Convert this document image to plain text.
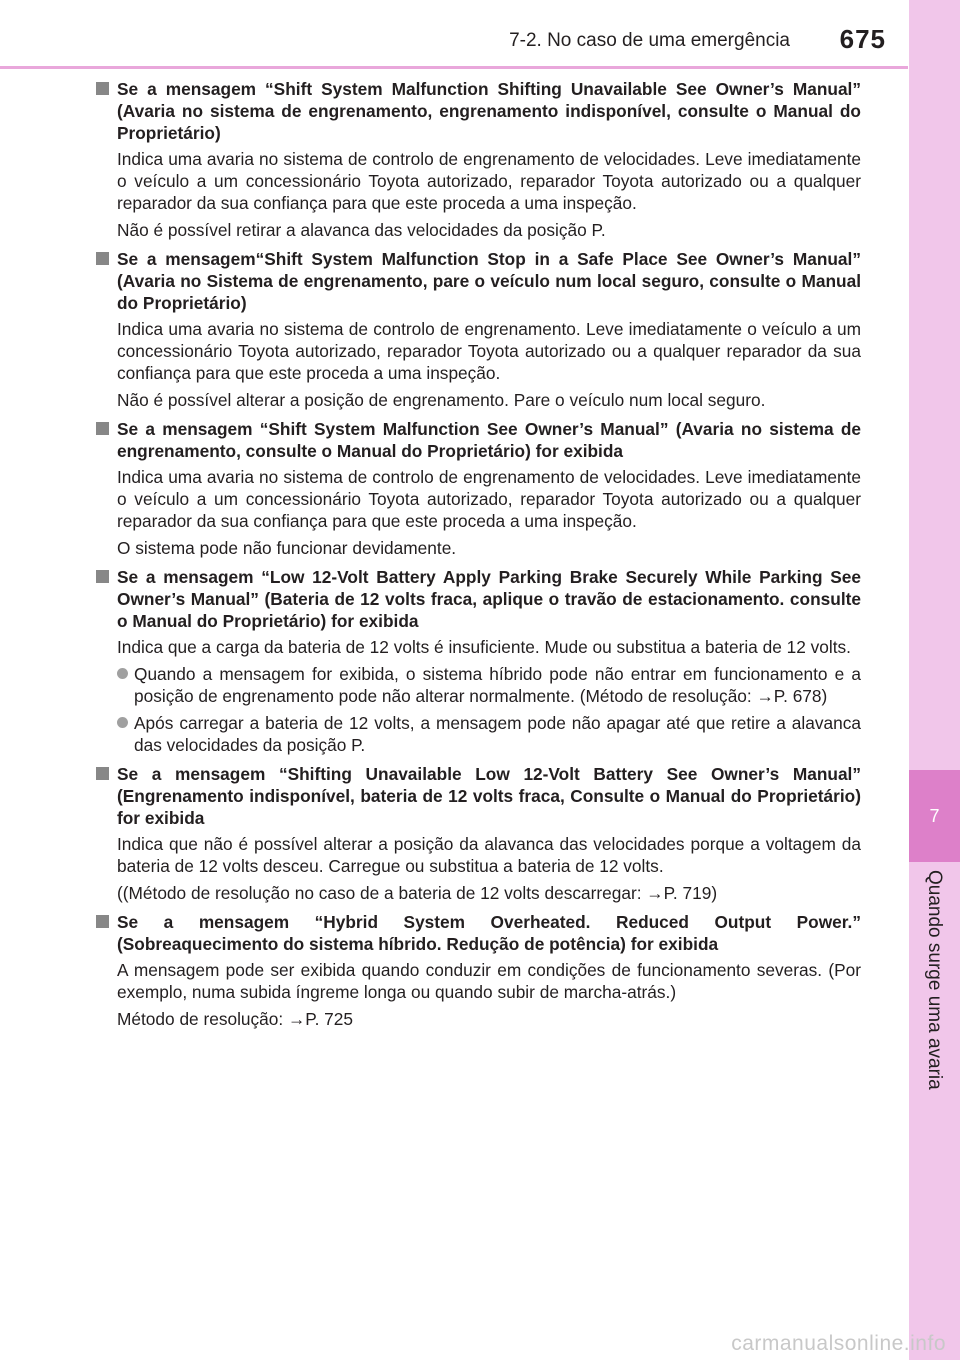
7-2. No caso de uma emergência 675
7
Quando surge uma avaria
Se a mensagem “Shift System Malfunction Shifting Unavailable See Owner’s Manual” (Avaria no sistema de engrenamento, engrenamento indisponível, consulte o Manual do Proprietário)
Indica uma avaria no sistema de controlo de engrenamento de velocidades. Leve imediatamente o veículo a um concessionário Toyota autorizado, reparador Toyota autorizado ou a qualquer reparador da sua confiança para que este proceda a uma inspeção.
Não é possível retirar a alavanca das velocidades da posição P.
Se a mensagem“Shift System Malfunction Stop in a Safe Place See Owner’s Manual” (Avaria no Sistema de engrenamento, pare o veículo num local seguro, consulte o Manual do Proprietário)
Indica uma avaria no sistema de controlo de engrenamento. Leve imediatamente o veículo a um concessionário Toyota autorizado, reparador Toyota autorizado ou a qualquer reparador da sua confiança para que este proceda a uma inspeção.
Não é possível alterar a posição de engrenamento. Pare o veículo num local seguro.
Se a mensagem “Shift System Malfunction See Owner’s Manual” (Avaria no sistema de engrenamento, consulte o Manual do Proprietário) for exibida
Indica uma avaria no sistema de controlo de engrenamento de velocidades. Leve imediatamente o veículo a um concessionário Toyota autorizado, reparador Toyota autorizado ou a qualquer reparador da sua confiança para que este proceda a uma inspeção.
O sistema pode não funcionar devidamente.
Se a mensagem “Low 12-Volt Battery Apply Parking Brake Securely While Parking See Owner’s Manual” (Bateria de 12 volts fraca, aplique o travão de estacionamento. consulte o Manual do Proprietário) for exibida
Indica que a carga da bateria de 12 volts é insuficiente. Mude ou substitua a bateria de 12 volts.
Quando a mensagem for exibida, o sistema híbrido pode não entrar em funcionamento e a posição de engrenamento pode não alterar normalmente. (Método de resolução: →P. 678)
Após carregar a bateria de 12 volts, a mensagem pode não apagar até que retire a alavanca das velocidades da posição P.
Se a mensagem “Shifting Unavailable Low 12-Volt Battery See Owner’s Manual” (Engrenamento indisponível, bateria de 12 volts fraca, Consulte o Manual do Proprietário) for exibida
Indica que não é possível alterar a posição da alavanca das velocidades porque a voltagem da bateria de 12 volts desceu. Carregue ou substitua a bateria de 12 volts.
((Método de resolução no caso de a bateria de 12 volts descarregar: →P. 719)
Se a mensagem “Hybrid System Overheated. Reduced Output Power.” (Sobreaquecimento do sistema híbrido. Redução de potência) for exibida
A mensagem pode ser exibida quando conduzir em condições de funcionamento severas. (Por exemplo, numa subida íngreme longa ou quando subir de marcha-atrás.)
Método de resolução: →P. 725
carmanualsonline.info
